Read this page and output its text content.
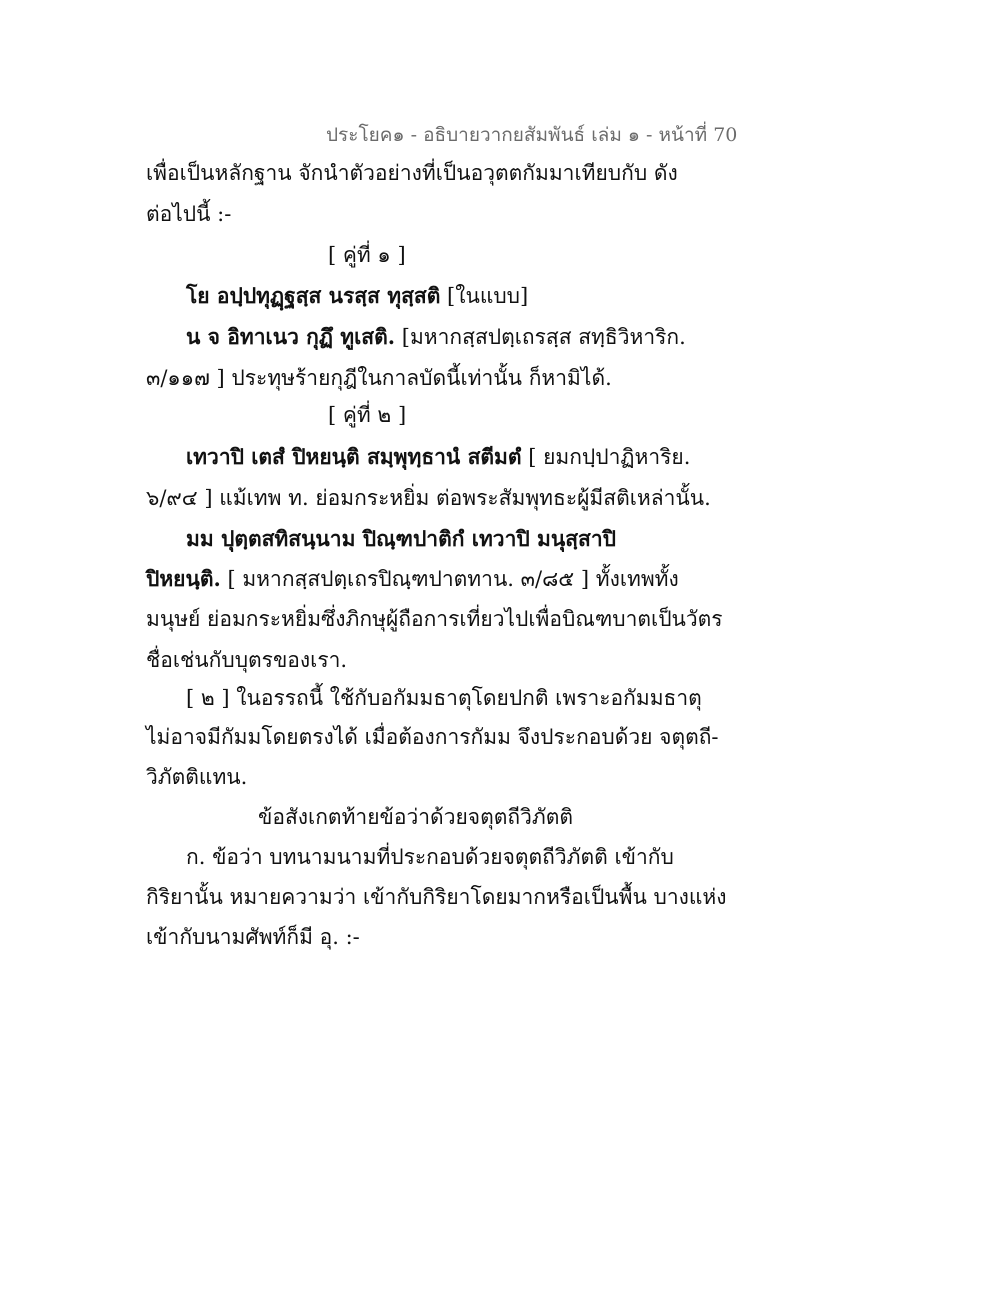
ประโยค๑ - อธิบายวากยสัมพันธ์ เล่ม ๑ - หน้าที่ 70
เพื่อเป็นหลักฐาน จักนำตัวอย่างที่เป็นอวุตตกัมมาเทียบกับ ดัง
ต่อไปนี้ :-
[ คู่ที่ ๑ ]
โย อปฺปทุฏฺฐสฺส นรสฺส ทุสฺสติ [ในแบบ]
น จ อิทาเนว กุฏึ ทูเสติ. [มหากสฺสปตฺเถรสฺส สทฺธิวิหาริก.
๓/๑๑๗ ] ประทุษร้ายกุฎีในกาลบัดนี้เท่านั้น ก็หามิได้.
[ คู่ที่ ๒ ]
เทวาปิ เตสํ ปิหยนฺติ สมฺพุทฺธานํ สตีมตํ [ ยมกปฺปาฏิหาริย.
๖/๙๔ ] แม้เทพ ท. ย่อมกระหยิ่ม ต่อพระสัมพุทธะผู้มีสติเหล่านั้น.
มม ปุตฺตสทิสนฺนาม ปิณฺฑปาติกํ เทวาปิ มนุสฺสาปิ
ปิหยนฺติ. [ มหากสฺสปตฺเถรปิณฺฑปาตทาน. ๓/๘๕ ] ทั้งเทพทั้ง
มนุษย์ ย่อมกระหยิ่มซึ่งภิกษุผู้ถือการเที่ยวไปเพื่อบิณฑบาตเป็นวัตร
ชื่อเช่นกับบุตรของเรา.
[ ๒ ] ในอรรถนี้ ใช้กับอกัมมธาตุโดยปกติ เพราะอกัมมธาตุ
ไม่อาจมีกัมมโดยตรงได้ เมื่อต้องการกัมม จึงประกอบด้วย จตุตถี-
วิภัตติแทน.
ข้อสังเกตท้ายข้อว่าด้วยจตุตถีวิภัตติ
ก. ข้อว่า บทนามนามที่ประกอบด้วยจตุตถีวิภัตติ เข้ากับ
กิริยานั้น หมายความว่า เข้ากับกิริยาโดยมากหรือเป็นพื้น บางแห่ง
เข้ากับนามศัพท์ก็มี อุ. :-
